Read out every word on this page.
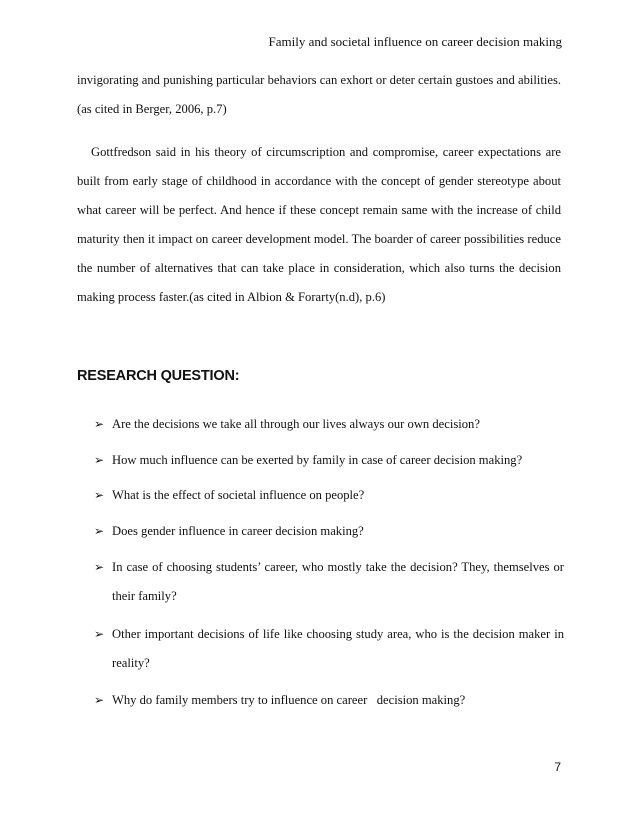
Family and societal influence on career decision making

invigorating and punishing particular behaviors can exhort or deter certain gustoes and abilities. (as cited in Berger, 2006, p.7)

Gottfredson said in his theory of circumscription and compromise, career expectations are built from early stage of childhood in accordance with the concept of gender stereotype about what career will be perfect. And hence if these concept remain same with the increase of child maturity then it impact on career development model. The boarder of career possibilities reduce the number of alternatives that can take place in consideration, which also turns the decision making process faster.(as cited in Albion & Forarty(n.d), p.6)

RESEARCH QUESTION:
➢ Are the decisions we take all through our lives always our own decision?
➢ How much influence can be exerted by family in case of career decision making?
➢ What is the effect of societal influence on people?
➢ Does gender influence in career decision making?
➢ In case of choosing students’ career, who mostly take the decision? They, themselves or their family?
➢ Other important decisions of life like choosing study area, who is the decision maker in reality?
➢ Why do family members try to influence on career   decision making?
7
